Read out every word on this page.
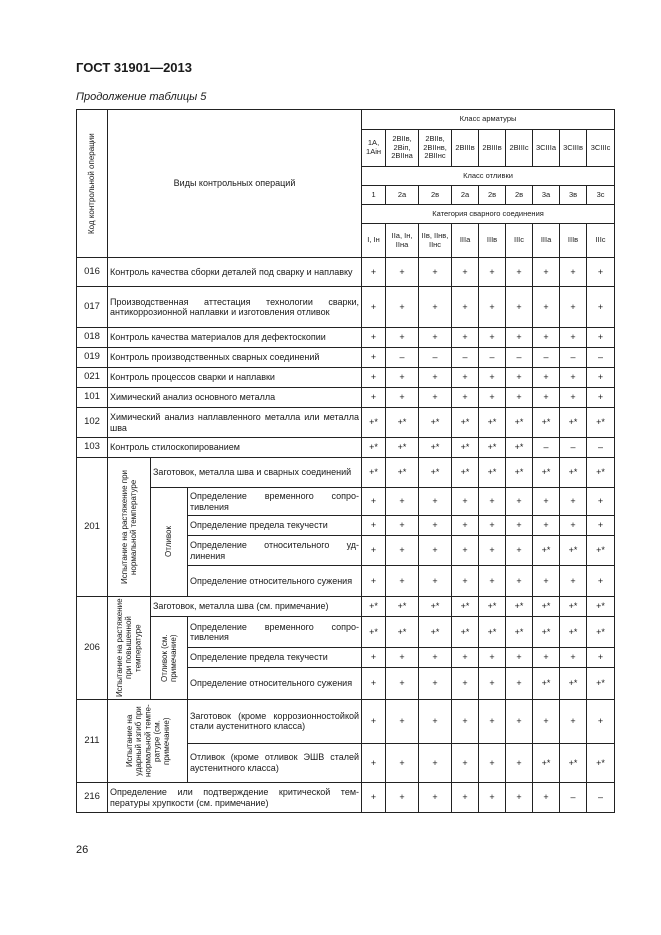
ГОСТ 31901—2013
Продолжение таблицы 5
Код контрольной операции	Виды контрольных операций			Класс арматуры								
				1А, 1Аін	2ВІІв, 2Віп, 2ВІІна	2ВІІв, 2ВІІнв, 2ВІІнс	2ВІІІв	2ВІІІв	2ВІІІс	3СІІІа	3СІІІв	3СІІІс
				Класс отливки								
				1	2а	2в	2а	2в	2в	3а	3в	3с
				Категория сварного соединения								
				I, Iн	IIа, Iн, IIна	IIв, IIнв, IIнс	IIIа	IIIв	IIIс	IIIа	IIIв	IIIс
016	Контроль качества сборки деталей под сварку и наплавку			+	+	+	+	+	+	+	+	+
017	Производственная аттестация технологии сварки, антикоррозионной наплавки и изготовления отливок			+	+	+	+	+	+	+	+	+
018	Контроль качества материалов для дефектоскопии			+	+	+	+	+	+	+	+	+
019	Контроль производственных сварных соединений			+	–	–	–	–	–	–	–	–
021	Контроль процессов сварки и наплавки			+	+	+	+	+	+	+	+	+
101	Химический анализ основного металла			+	+	+	+	+	+	+	+	+
102	Химический анализ наплавленного металла или металла шва			+*	+*	+*	+*	+*	+*	+*	+*	+*
103	Контроль стилоскопированием			+*	+*	+*	+*	+*	+*	–	–	–
201	Испытание на растяжение при нормальной температуре	Заготовок, металла шва и сварных соединений		+*	+*	+*	+*	+*	+*	+*	+*	+*

		Отливок	Определение временного сопротивления	+	+	+	+	+	+	+	+	+
			Определение предела текучести	+	+	+	+	+	+	+	+	+
			Определение относительного удлинения	+	+	+	+	+	+	+*	+*	+*
			Определение относительного сужения	+	+	+	+	+	+	+	+	+
206	Испытание на растяжение при повышенной температуре	Заготовок, металла шва (см. примечание)		+*	+*	+*	+*	+*	+*	+*	+*	+*

		Отливок (см. примечание)	Определение временного сопротивления	+*	+*	+*	+*	+*	+*	+*	+*	+*
			Определение предела текучести	+	+	+	+	+	+	+	+	+
			Определение относительного сужения	+	+	+	+	+	+	+*	+*	+*
211	Испытание на ударный изгиб при нормальной температуре (см. примечание)		Заготовок (кроме коррозионностойкой стали аустенитного класса)	+	+	+	+	+	+	+	+	+
			Отливок (кроме отливок ЭШВ сталей аустенитного класса)	+	+	+	+	+	+	+*	+*	+*
216	Определение или подтверждение критической температуры хрупкости (см. примечание)			+	+	+	+	+	+	+	–	–
26
